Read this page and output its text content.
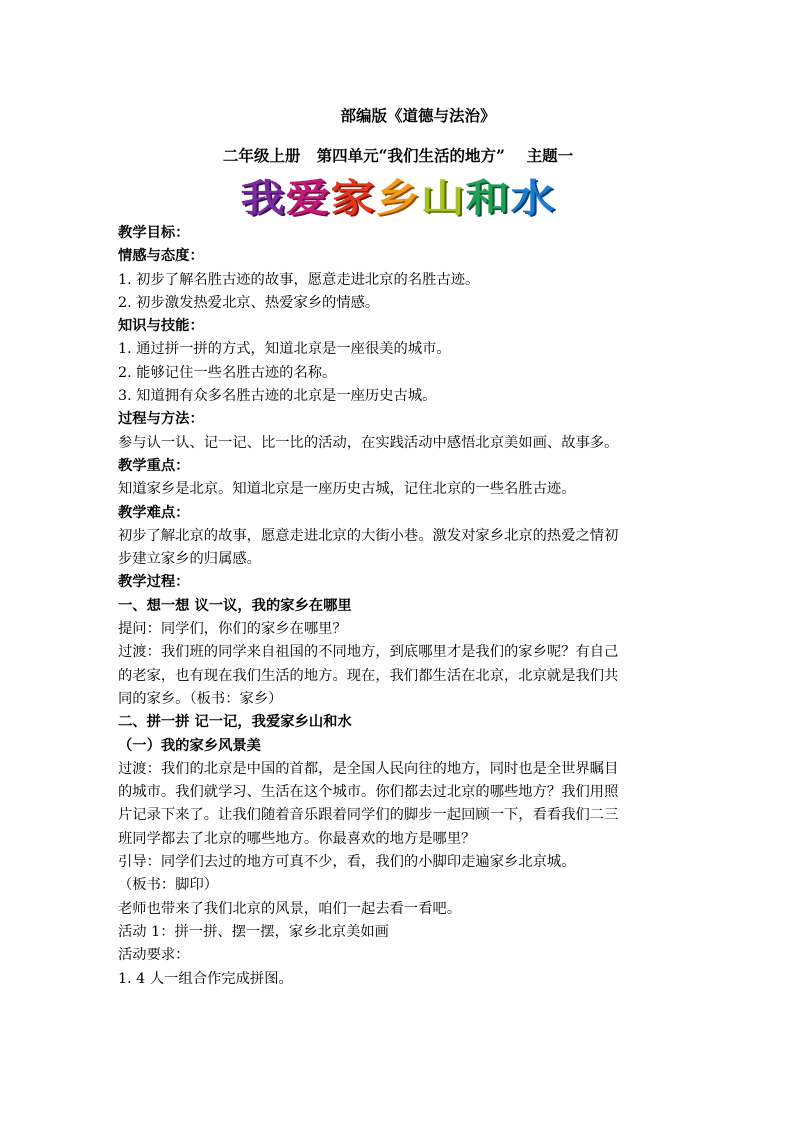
部编版《道德与法治》
二年级上册 第四单元“我们生活的地方” 主题一
我爱家乡山和水

教学目标：

情感与态度：

1. 初步了解名胜古迹的故事，愿意走进北京的名胜古迹。

2. 初步激发热爱北京、热爱家乡的情感。

知识与技能：

1. 通过拼一拼的方式，知道北京是一座很美的城市。

2. 能够记住一些名胜古迹的名称。

3. 知道拥有众多名胜古迹的北京是一座历史古城。

过程与方法：

参与认一认、记一记、比一比的活动，在实践活动中感悟北京美如画、故事多。

教学重点：

知道家乡是北京。知道北京是一座历史古城，记住北京的一些名胜古迹。

教学难点：

初步了解北京的故事，愿意走进北京的大街小巷。激发对家乡北京的热爱之情初

步建立家乡的归属感。

教学过程：

一、想一想 议一议，我的家乡在哪里

提问：同学们，你们的家乡在哪里？

过渡：我们班的同学来自祖国的不同地方，到底哪里才是我们的家乡呢？有自己

的老家，也有现在我们生活的地方。现在，我们都生活在北京，北京就是我们共

同的家乡。（板书：家乡）

二、拼一拼 记一记，我爱家乡山和水

（一）我的家乡风景美

过渡：我们的北京是中国的首都，是全国人民向往的地方，同时也是全世界瞩目

的城市。我们就学习、生活在这个城市。你们都去过北京的哪些地方？我们用照

片记录下来了。让我们随着音乐跟着同学们的脚步一起回顾一下，看看我们二三

班同学都去了北京的哪些地方。你最喜欢的地方是哪里？

引导：同学们去过的地方可真不少，看，我们的小脚印走遍家乡北京城。

（板书：脚印）

老师也带来了我们北京的风景，咱们一起去看一看吧。

活动 1：拼一拼、摆一摆，家乡北京美如画

活动要求：

1. 4 人一组合作完成拼图。
